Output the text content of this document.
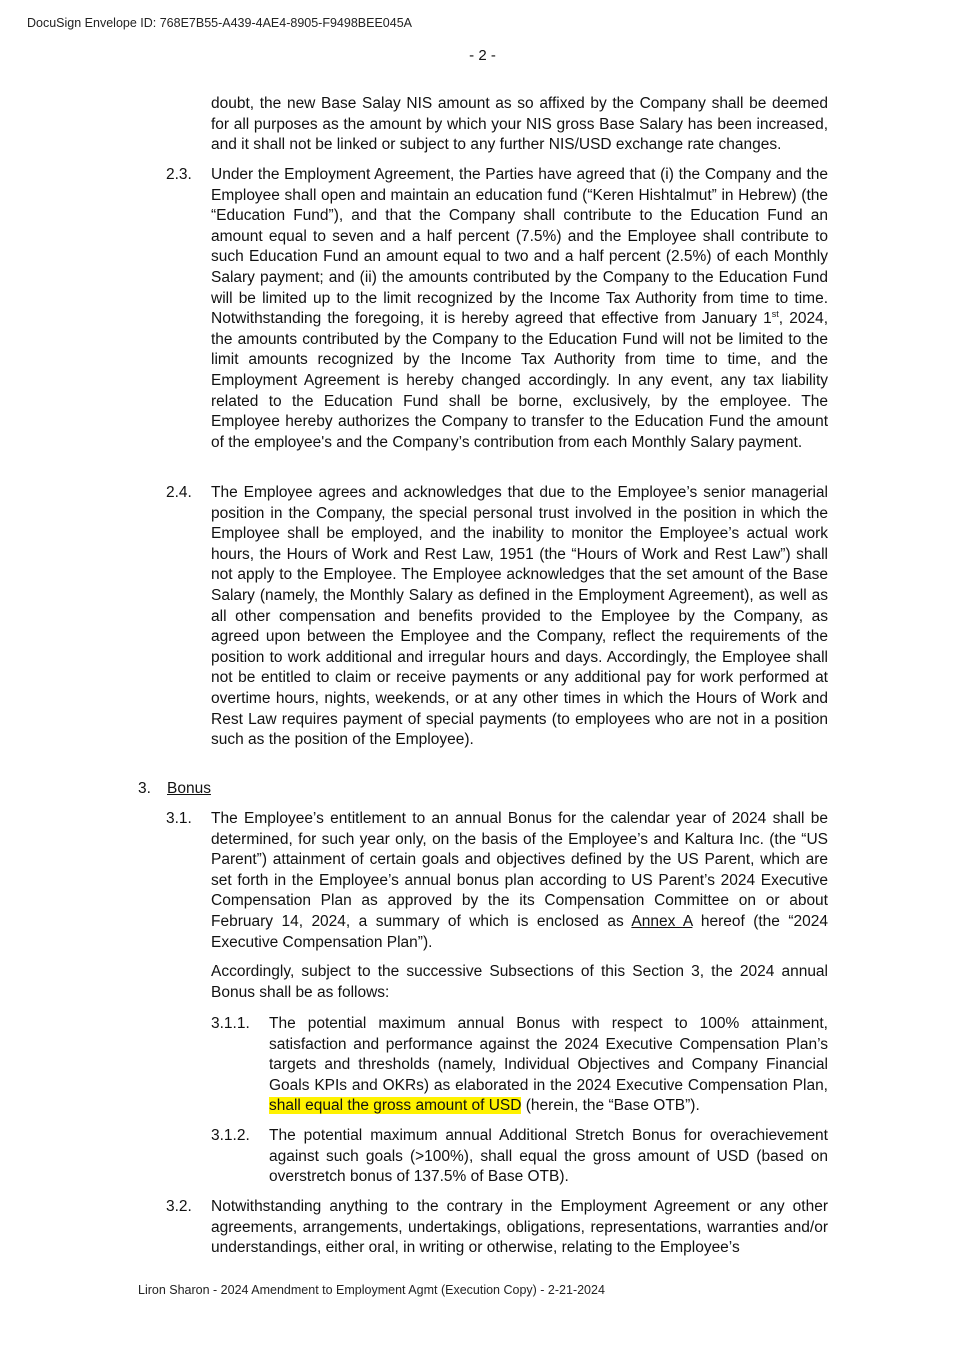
DocuSign Envelope ID: 768E7B55-A439-4AE4-8905-F9498BEE045A
- 2 -

doubt, the new Base Salay NIS amount as so affixed by the Company shall be deemed for all purposes as the amount by which your NIS gross Base Salary has been increased, and it shall not be linked or subject to any further NIS/USD exchange rate changes.

2.3. Under the Employment Agreement, the Parties have agreed that (i) the Company and the Employee shall open and maintain an education fund (“Keren Hishtalmut” in Hebrew) (the “Education Fund”), and that the Company shall contribute to the Education Fund an amount equal to seven and a half percent (7.5%) and the Employee shall contribute to such Education Fund an amount equal to two and a half percent (2.5%) of each Monthly Salary payment; and (ii) the amounts contributed by the Company to the Education Fund will be limited up to the limit recognized by the Income Tax Authority from time to time. Notwithstanding the foregoing, it is hereby agreed that effective from January 1st, 2024, the amounts contributed by the Company to the Education Fund will not be limited to the limit amounts recognized by the Income Tax Authority from time to time, and the Employment Agreement is hereby changed accordingly. In any event, any tax liability related to the Education Fund shall be borne, exclusively, by the employee. The Employee hereby authorizes the Company to transfer to the Education Fund the amount of the employee's and the Company’s contribution from each Monthly Salary payment.

2.4. The Employee agrees and acknowledges that due to the Employee’s senior managerial position in the Company, the special personal trust involved in the position in which the Employee shall be employed, and the inability to monitor the Employee’s actual work hours, the Hours of Work and Rest Law, 1951 (the “Hours of Work and Rest Law”) shall not apply to the Employee. The Employee acknowledges that the set amount of the Base Salary (namely, the Monthly Salary as defined in the Employment Agreement), as well as all other compensation and benefits provided to the Employee by the Company, as agreed upon between the Employee and the Company, reflect the requirements of the position to work additional and irregular hours and days. Accordingly, the Employee shall not be entitled to claim or receive payments or any additional pay for work performed at overtime hours, nights, weekends, or at any other times in which the Hours of Work and Rest Law requires payment of special payments (to employees who are not in a position such as the position of the Employee).

3. Bonus
3.1. The Employee’s entitlement to an annual Bonus for the calendar year of 2024 shall be determined, for such year only, on the basis of the Employee’s and Kaltura Inc. (the “US Parent”) attainment of certain goals and objectives defined by the US Parent, which are set forth in the Employee’s annual bonus plan according to US Parent’s 2024 Executive Compensation Plan as approved by the its Compensation Committee on or about February 14, 2024, a summary of which is enclosed as Annex A hereof (the “2024 Executive Compensation Plan”).

Accordingly, subject to the successive Subsections of this Section 3, the 2024 annual Bonus shall be as follows:

3.1.1. The potential maximum annual Bonus with respect to 100% attainment, satisfaction and performance against the 2024 Executive Compensation Plan’s targets and thresholds (namely, Individual Objectives and Company Financial Goals KPIs and OKRs) as elaborated in the 2024 Executive Compensation Plan, shall equal the gross amount of USD (herein, the “Base OTB”).

3.1.2. The potential maximum annual Additional Stretch Bonus for overachievement against such goals (>100%), shall equal the gross amount of USD (based on overstretch bonus of 137.5% of Base OTB).

3.2. Notwithstanding anything to the contrary in the Employment Agreement or any other agreements, arrangements, undertakings, obligations, representations, warranties and/or understandings, either oral, in writing or otherwise, relating to the Employee’s

Liron Sharon - 2024 Amendment to Employment Agmt (Execution Copy) - 2-21-2024
